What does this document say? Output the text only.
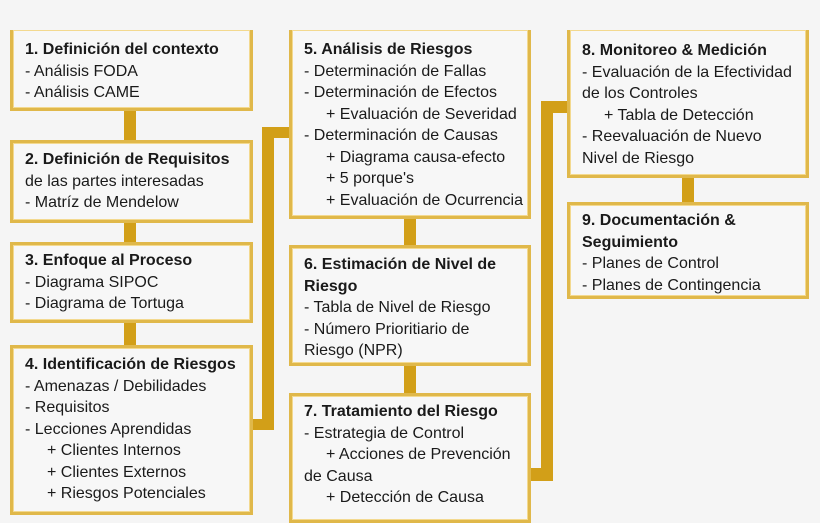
1. Definición del contexto
- Análisis FODA
- Análisis CAME
2. Definición de Requisitos
de las partes interesadas
- Matríz de Mendelow
3. Enfoque al Proceso
- Diagrama SIPOC
- Diagrama de Tortuga
4. Identificación de Riesgos
- Amenazas / Debilidades
- Requisitos
- Lecciones Aprendidas
+ Clientes Internos
+ Clientes Externos
+ Riesgos Potenciales
5. Análisis de Riesgos
- Determinación de Fallas
- Determinación de Efectos
+ Evaluación de Severidad
- Determinación de Causas
+ Diagrama causa-efecto
+ 5 porque's
+ Evaluación de Ocurrencia
6. Estimación de Nivel de
Riesgo
- Tabla de Nivel de Riesgo
- Número Prioritiario de
Riesgo (NPR)
7. Tratamiento del Riesgo
- Estrategia de Control
+ Acciones de Prevención
de Causa
+ Detección de Causa
8. Monitoreo & Medición
- Evaluación de la Efectividad
de los Controles
+ Tabla de Detección
- Reevaluación de Nuevo
Nivel de Riesgo
9. Documentación &
Seguimiento
- Planes de Control
- Planes de Contingencia
